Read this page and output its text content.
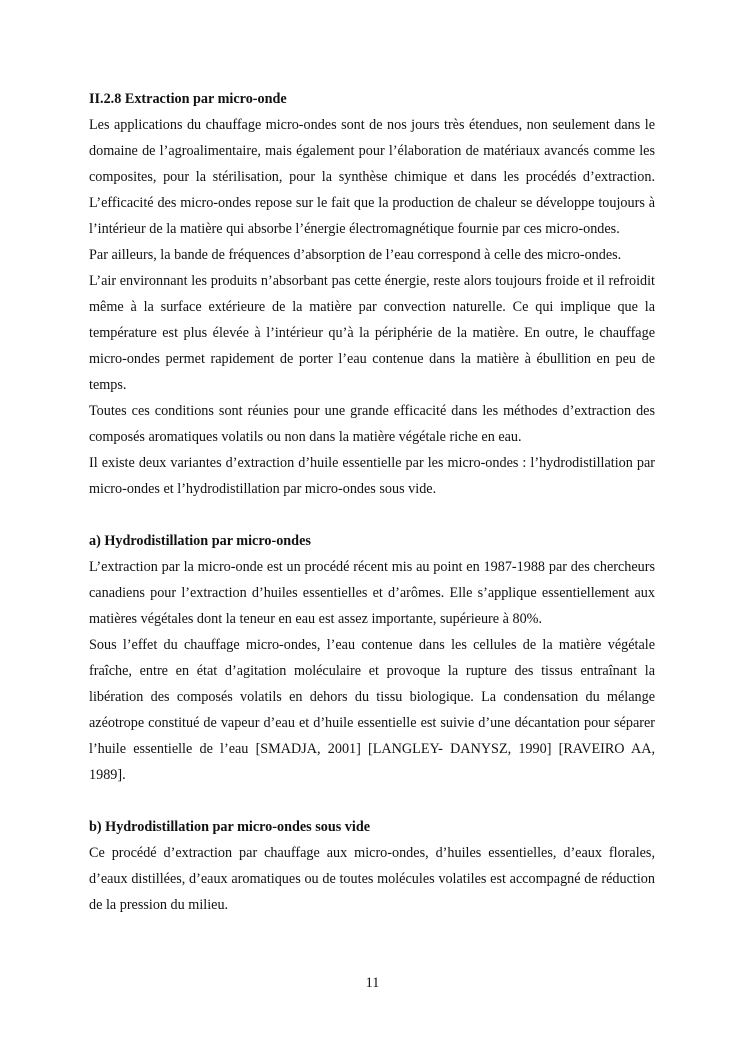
II.2.8 Extraction par micro-onde

Les applications du chauffage micro-ondes sont de nos jours très étendues, non seulement dans le domaine de l’agroalimentaire, mais également pour l’élaboration de matériaux avancés comme les composites, pour la stérilisation, pour la synthèse chimique et dans les procédés d’extraction. L’efficacité des micro-ondes repose sur le fait que la production de chaleur se développe toujours à l’intérieur de la matière qui absorbe l’énergie électromagnétique fournie par ces micro-ondes.

Par ailleurs, la bande de fréquences d’absorption de l’eau correspond à celle des micro-ondes.

L’air environnant les produits n’absorbant pas cette énergie, reste alors toujours froide et il refroidit même à la surface extérieure de la matière par convection naturelle. Ce qui implique que la température est plus élevée à l’intérieur qu’à la périphérie de la matière. En outre, le chauffage micro-ondes permet rapidement de porter l’eau contenue dans la matière à ébullition en peu de temps.

Toutes ces conditions sont réunies pour une grande efficacité dans les méthodes d’extraction des composés aromatiques volatils ou non dans la matière végétale riche en eau.

Il existe deux variantes d’extraction d’huile essentielle par les micro-ondes : l’hydrodistillation par micro-ondes et l’hydrodistillation par micro-ondes sous vide.

a) Hydrodistillation par micro-ondes

L’extraction par la micro-onde est un procédé récent mis au point en 1987-1988 par des chercheurs canadiens pour l’extraction d’huiles essentielles et d’arômes. Elle s’applique essentiellement aux matières végétales dont la teneur en eau est assez importante, supérieure à 80%.

Sous l’effet du chauffage micro-ondes, l’eau contenue dans les cellules de la matière végétale fraîche, entre en état d’agitation moléculaire et provoque la rupture des tissus entraînant la libération des composés volatils en dehors du tissu biologique. La condensation du mélange azéotrope constitué de vapeur d’eau et d’huile essentielle est suivie d’une décantation pour séparer l’huile essentielle de l’eau [SMADJA, 2001] [LANGLEY- DANYSZ, 1990] [RAVEIRO AA, 1989].

b) Hydrodistillation par micro-ondes sous vide

Ce procédé d’extraction par chauffage aux micro-ondes, d’huiles essentielles, d’eaux florales, d’eaux distillées, d’eaux aromatiques ou de toutes molécules volatiles est accompagné de réduction de la pression du milieu.

11
